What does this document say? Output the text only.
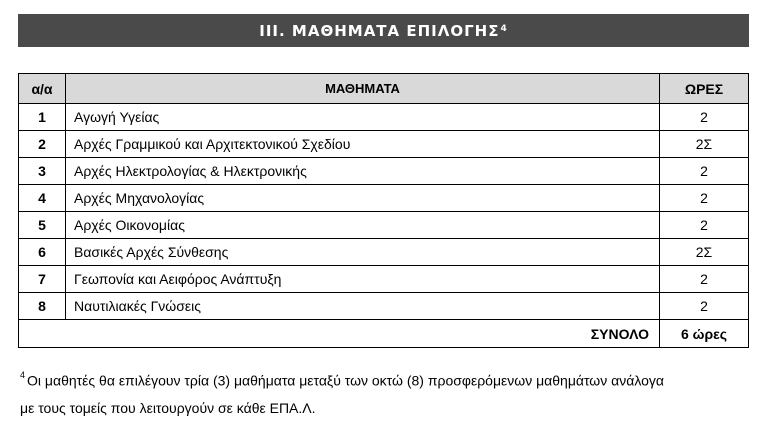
III. ΜΑΘΗΜΑΤΑ ΕΠΙΛΟΓΗΣ$^4$
α/α	ΜΑΘΗΜΑΤΑ	ΩΡΕΣ
1	Αγωγή Υγείας	2
2	Αρχές Γραμμικού και Αρχιτεκτονικού Σχεδίου	2Σ
3	Αρχές Ηλεκτρολογίας & Ηλεκτρονικής	2
4	Αρχές Μηχανολογίας	2
5	Αρχές Οικονομίας	2
6	Βασικές Αρχές Σύνθεσης	2Σ
7	Γεωπονία και Αειφόρος Ανάπτυξη	2
8	Ναυτιλιακές Γνώσεις	2
	ΣΥΝΟΛΟ	6 ώρες
$^4$ Οι μαθητές θα επιλέγουν τρία (3) μαθήματα μεταξύ των οκτώ (8) προσφερόμενων μαθημάτων ανάλογα
με τους τομείς που λειτουργούν σε κάθε ΕΠΑ.Λ.
